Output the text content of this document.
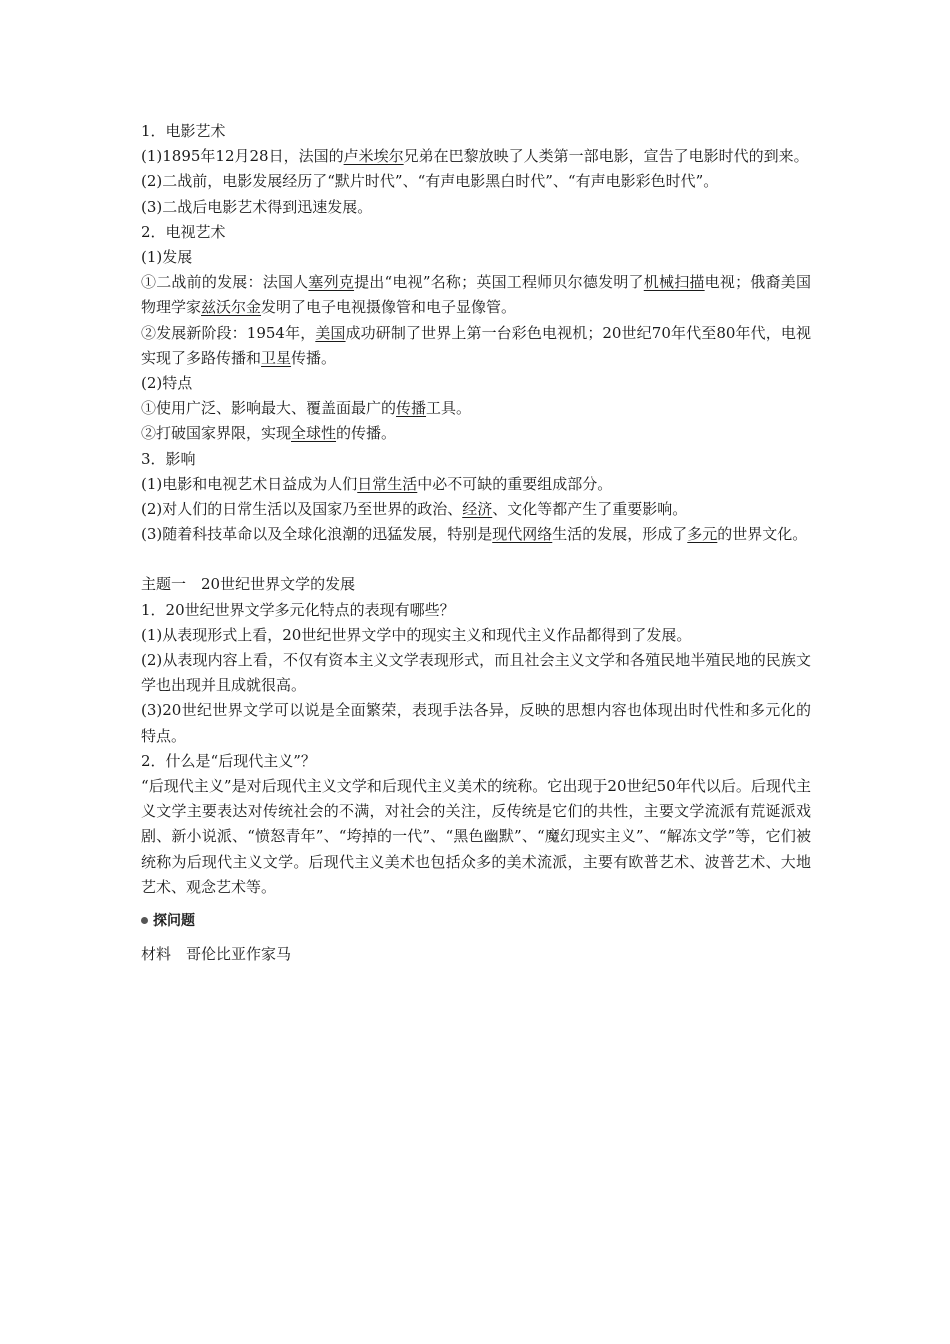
1．电影艺术

(1)1895年12月28日，法国的卢米埃尔兄弟在巴黎放映了人类第一部电影，宣告了电影时代的到来。

(2)二战前，电影发展经历了“默片时代”、“有声电影黑白时代”、“有声电影彩色时代”。

(3)二战后电影艺术得到迅速发展。

2．电视艺术

(1)发展

①二战前的发展：法国人塞列克提出“电视”名称；英国工程师贝尔德发明了机械扫描电视；俄裔美国物理学家兹沃尔金发明了电子电视摄像管和电子显像管。

②发展新阶段：1954年，美国成功研制了世界上第一台彩色电视机；20世纪70年代至80年代，电视实现了多路传播和卫星传播。

(2)特点

①使用广泛、影响最大、覆盖面最广的传播工具。

②打破国家界限，实现全球性的传播。

3．影响

(1)电影和电视艺术日益成为人们日常生活中必不可缺的重要组成部分。

(2)对人们的日常生活以及国家乃至世界的政治、经济、文化等都产生了重要影响。

(3)随着科技革命以及全球化浪潮的迅猛发展，特别是现代网络生活的发展，形成了多元的世界文化。

主题一　20世纪世界文学的发展

1．20世纪世界文学多元化特点的表现有哪些？

(1)从表现形式上看，20世纪世界文学中的现实主义和现代主义作品都得到了发展。

(2)从表现内容上看，不仅有资本主义文学表现形式，而且社会主义文学和各殖民地半殖民地的民族文学也出现并且成就很高。

(3)20世纪世界文学可以说是全面繁荣，表现手法各异，反映的思想内容也体现出时代性和多元化的特点。

2．什么是“后现代主义”？

“后现代主义”是对后现代主义文学和后现代主义美术的统称。它出现于20世纪50年代以后。后现代主义文学主要表达对传统社会的不满，对社会的关注，反传统是它们的共性，主要文学流派有荒诞派戏剧、新小说派、“愤怒青年”、“垮掉的一代”、“黑色幽默”、“魔幻现实主义”、“解冻文学”等，它们被统称为后现代主义文学。后现代主义美术也包括众多的美术流派，主要有欧普艺术、波普艺术、大地艺术、观念艺术等。

探问题

材料　哥伦比亚作家马
